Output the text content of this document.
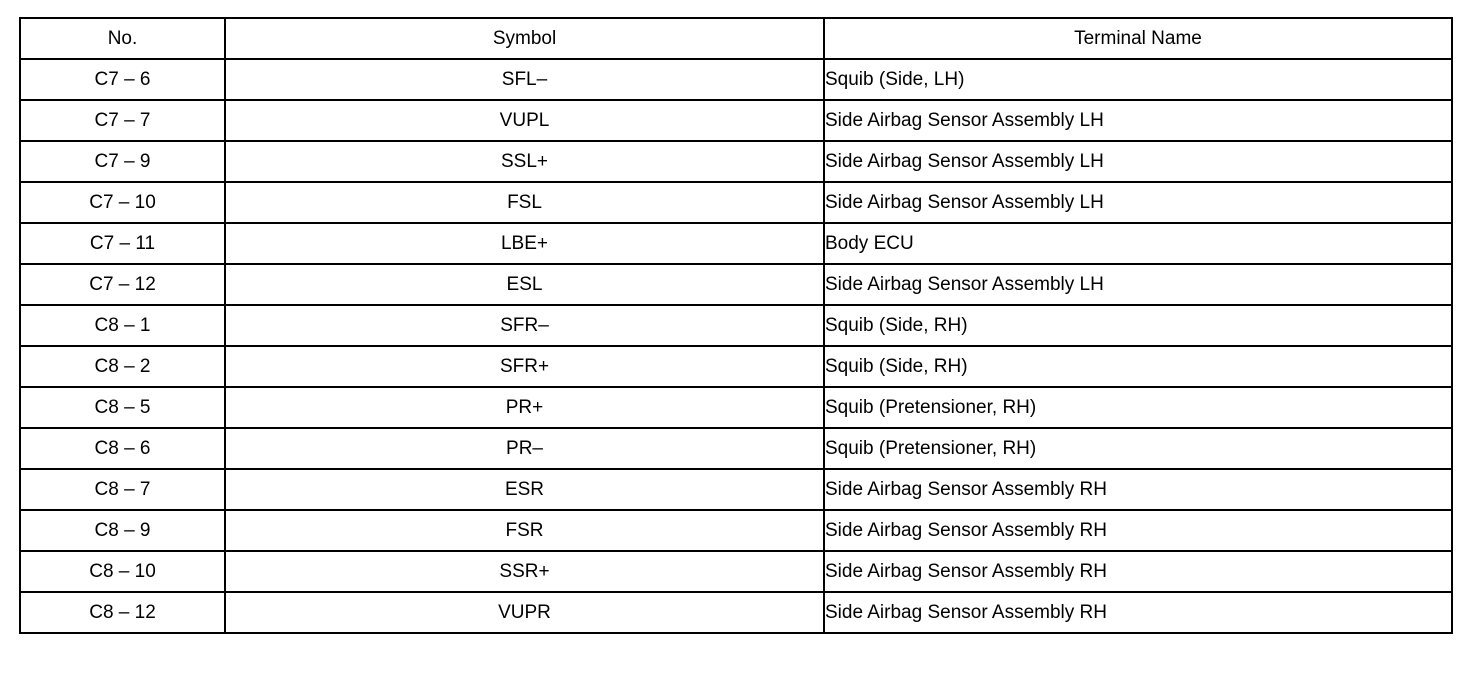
No.	Symbol	Terminal Name
C7 – 6	SFL–	Squib (Side, LH)
C7 – 7	VUPL	Side Airbag Sensor Assembly LH
C7 – 9	SSL+	Side Airbag Sensor Assembly LH
C7 – 10	FSL	Side Airbag Sensor Assembly LH
C7 – 11	LBE+	Body ECU
C7 – 12	ESL	Side Airbag Sensor Assembly LH
C8 – 1	SFR–	Squib (Side, RH)
C8 – 2	SFR+	Squib (Side, RH)
C8 – 5	PR+	Squib (Pretensioner, RH)
C8 – 6	PR–	Squib (Pretensioner, RH)
C8 – 7	ESR	Side Airbag Sensor Assembly RH
C8 – 9	FSR	Side Airbag Sensor Assembly RH
C8 – 10	SSR+	Side Airbag Sensor Assembly RH
C8 – 12	VUPR	Side Airbag Sensor Assembly RH
